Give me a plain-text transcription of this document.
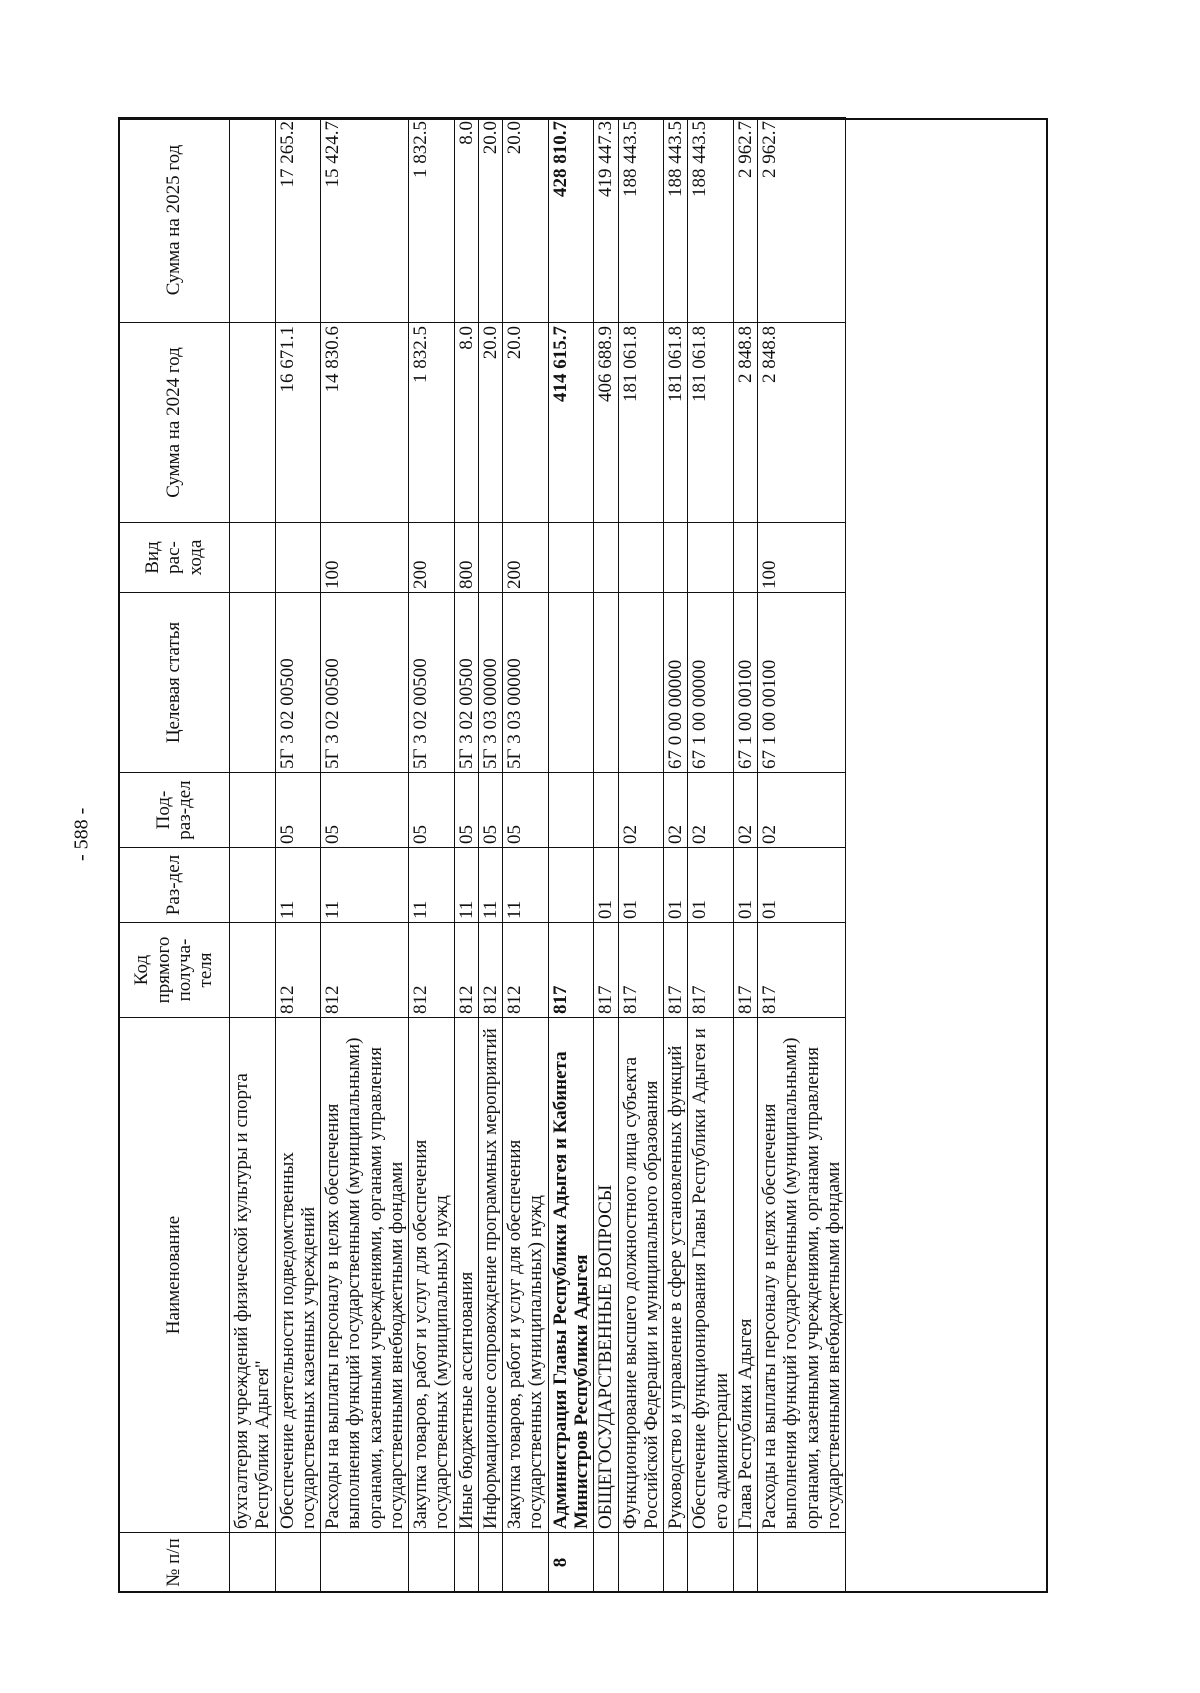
- 588 -
№ п/п	Наименование	Код прямого получа-теля	Раз-дел	Под-раз-дел	Целевая статья	Вид рас-хода	Сумма на 2024 год	Сумма на 2025 год
	бухгалтерия учреждений физической культуры и спорта Республики Адыгея"							
	Обеспечение деятельности подведомственных государственных казенных учреждений	812	11	05	5Г 3 02 00500		16 671.1	17 265.2
	Расходы на выплаты персоналу в целях обеспечения выполнения функций государственными (муниципальными) органами, казенными учреждениями, органами управления государственными внебюджетными фондами	812	11	05	5Г 3 02 00500	100	14 830.6	15 424.7
	Закупка товаров, работ и услуг для обеспечения государственных (муниципальных) нужд	812	11	05	5Г 3 02 00500	200	1 832.5	1 832.5
	Иные бюджетные ассигнования	812	11	05	5Г 3 02 00500	800	8.0	8.0
	Информационное сопровождение программных мероприятий	812	11	05	5Г 3 03 00000		20.0	20.0
	Закупка товаров, работ и услуг для обеспечения государственных (муниципальных) нужд	812	11	05	5Г 3 03 00000	200	20.0	20.0
8	Администрация Главы Республики Адыгея и Кабинета Министров Республики Адыгея	817					414 615.7	428 810.7
	ОБЩЕГОСУДАРСТВЕННЫЕ ВОПРОСЫ	817	01				406 688.9	419 447.3
	Функционирование высшего должностного лица субъекта Российской Федерации и муниципального образования	817	01	02			181 061.8	188 443.5
	Руководство и управление в сфере установленных функций	817	01	02	67 0 00 00000		181 061.8	188 443.5
	Обеспечение функционирования Главы Республики Адыгея и его администрации	817	01	02	67 1 00 00000		181 061.8	188 443.5
	Глава Республики Адыгея	817	01	02	67 1 00 00100		2 848.8	2 962.7
	Расходы на выплаты персоналу в целях обеспечения выполнения функций государственными (муниципальными) органами, казенными учреждениями, органами управления государственными внебюджетными фондами	817	01	02	67 1 00 00100	100	2 848.8	2 962.7
